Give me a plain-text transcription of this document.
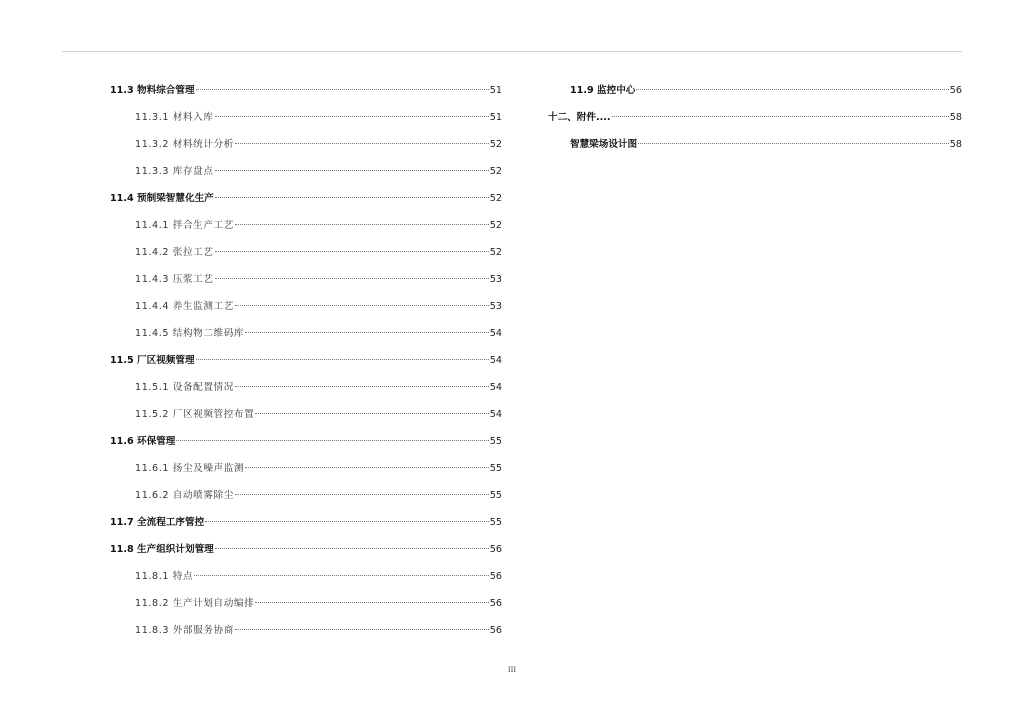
11.3 物料综合管理	51
11.3.1 材料入库	51
11.3.2 材料统计分析	52
11.3.3 库存盘点	52
11.4 预制梁智慧化生产	52
11.4.1 拌合生产工艺	52
11.4.2 张拉工艺	52
11.4.3 压浆工艺	53
11.4.4 养生监测工艺	53
11.4.5 结构物二维码库	54
11.5 厂区视频管理	54
11.5.1 设备配置情况	54
11.5.2 厂区视频管控布置	54
11.6 环保管理	55
11.6.1 扬尘及噪声监测	55
11.6.2 自动喷雾除尘	55
11.7 全流程工序管控	55
11.8 生产组织计划管理	56
11.8.1 特点	56
11.8.2 生产计划自动编排	56
11.8.3 外部服务协商	56
11.9 监控中心	56
十二、附件....	58
智慧梁场设计图	58
III
